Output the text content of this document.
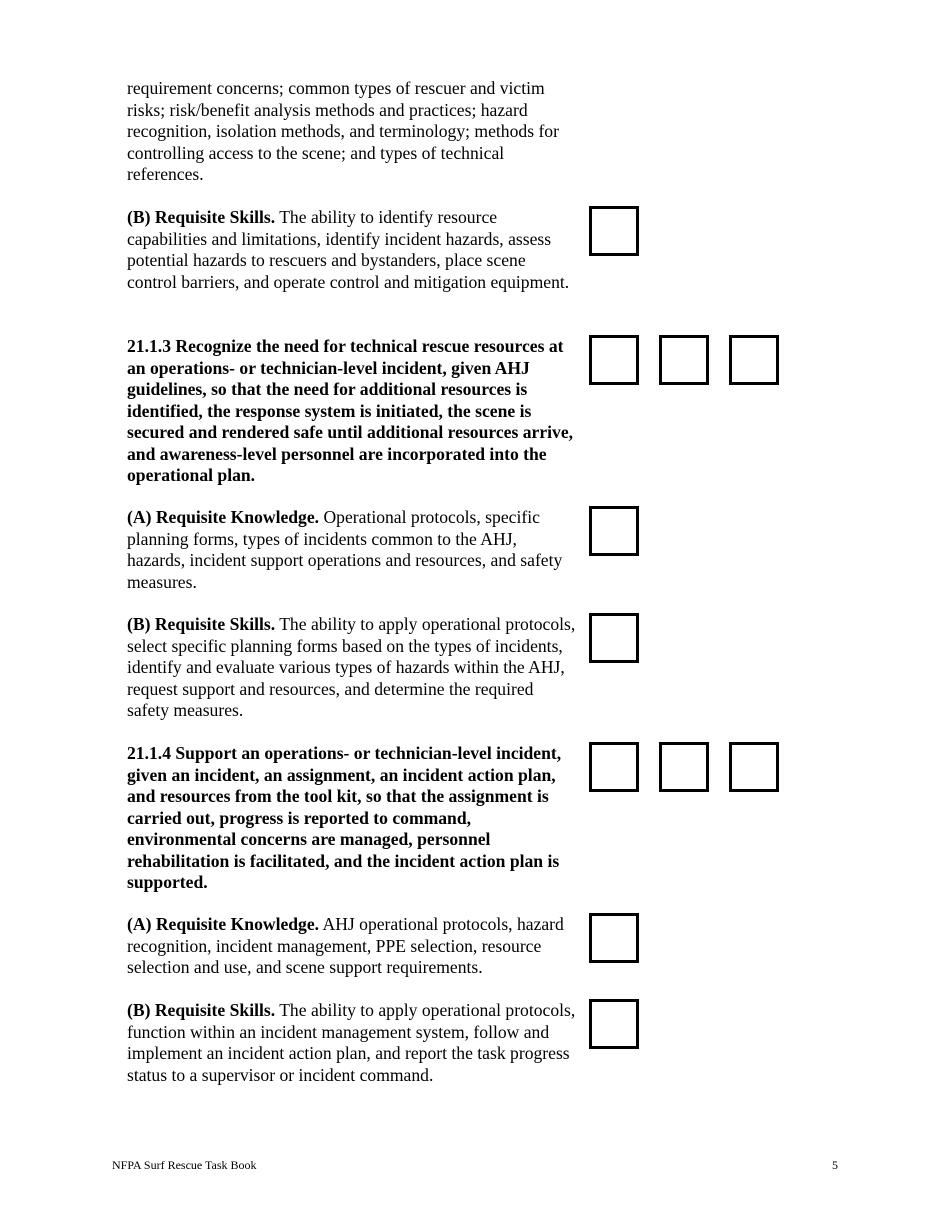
requirement concerns; common types of rescuer and victim risks; risk/benefit analysis methods and practices; hazard recognition, isolation methods, and terminology; methods for controlling access to the scene; and types of technical references.

(B) Requisite Skills. The ability to identify resource capabilities and limitations, identify incident hazards, assess potential hazards to rescuers and bystanders, place scene control barriers, and operate control and mitigation equipment.

21.1.3 Recognize the need for technical rescue resources at an operations- or technician-level incident, given AHJ guidelines, so that the need for additional resources is identified, the response system is initiated, the scene is secured and rendered safe until additional resources arrive, and awareness-level personnel are incorporated into the operational plan.

(A) Requisite Knowledge. Operational protocols, specific planning forms, types of incidents common to the AHJ, hazards, incident support operations and resources, and safety measures.

(B) Requisite Skills. The ability to apply operational protocols, select specific planning forms based on the types of incidents, identify and evaluate various types of hazards within the AHJ, request support and resources, and determine the required safety measures.

21.1.4 Support an operations- or technician-level incident, given an incident, an assignment, an incident action plan, and resources from the tool kit, so that the assignment is carried out, progress is reported to command, environmental concerns are managed, personnel rehabilitation is facilitated, and the incident action plan is supported.

(A) Requisite Knowledge. AHJ operational protocols, hazard recognition, incident management, PPE selection, resource selection and use, and scene support requirements.

(B) Requisite Skills. The ability to apply operational protocols, function within an incident management system, follow and implement an incident action plan, and report the task progress status to a supervisor or incident command.

NFPA Surf Rescue Task Book	5
